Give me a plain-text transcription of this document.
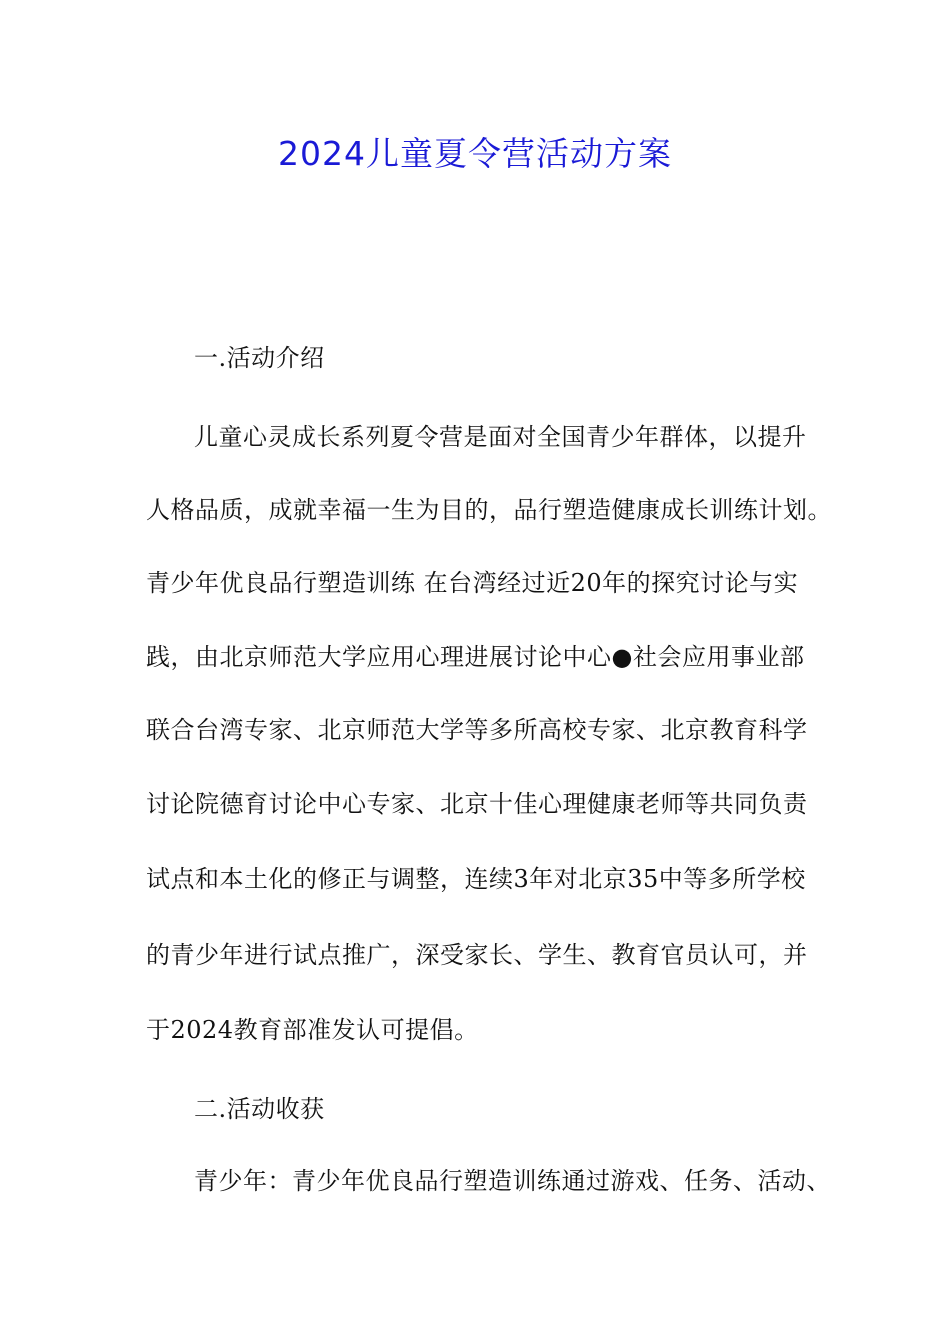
2024儿童夏令营活动方案
一.活动介绍
儿童心灵成长系列夏令营是面对全国青少年群体，以提升
人格品质，成就幸福一生为目的，品行塑造健康成长训练计划。
青少年优良品行塑造训练 在台湾经过近20年的探究讨论与实
践，由北京师范大学应用心理进展讨论中心●社会应用事业部
联合台湾专家、北京师范大学等多所高校专家、北京教育科学
讨论院德育讨论中心专家、北京十佳心理健康老师等共同负责
试点和本土化的修正与调整，连续3年对北京35中等多所学校
的青少年进行试点推广，深受家长、学生、教育官员认可，并
于2024教育部准发认可提倡。
二.活动收获
青少年：青少年优良品行塑造训练通过游戏、任务、活动、
